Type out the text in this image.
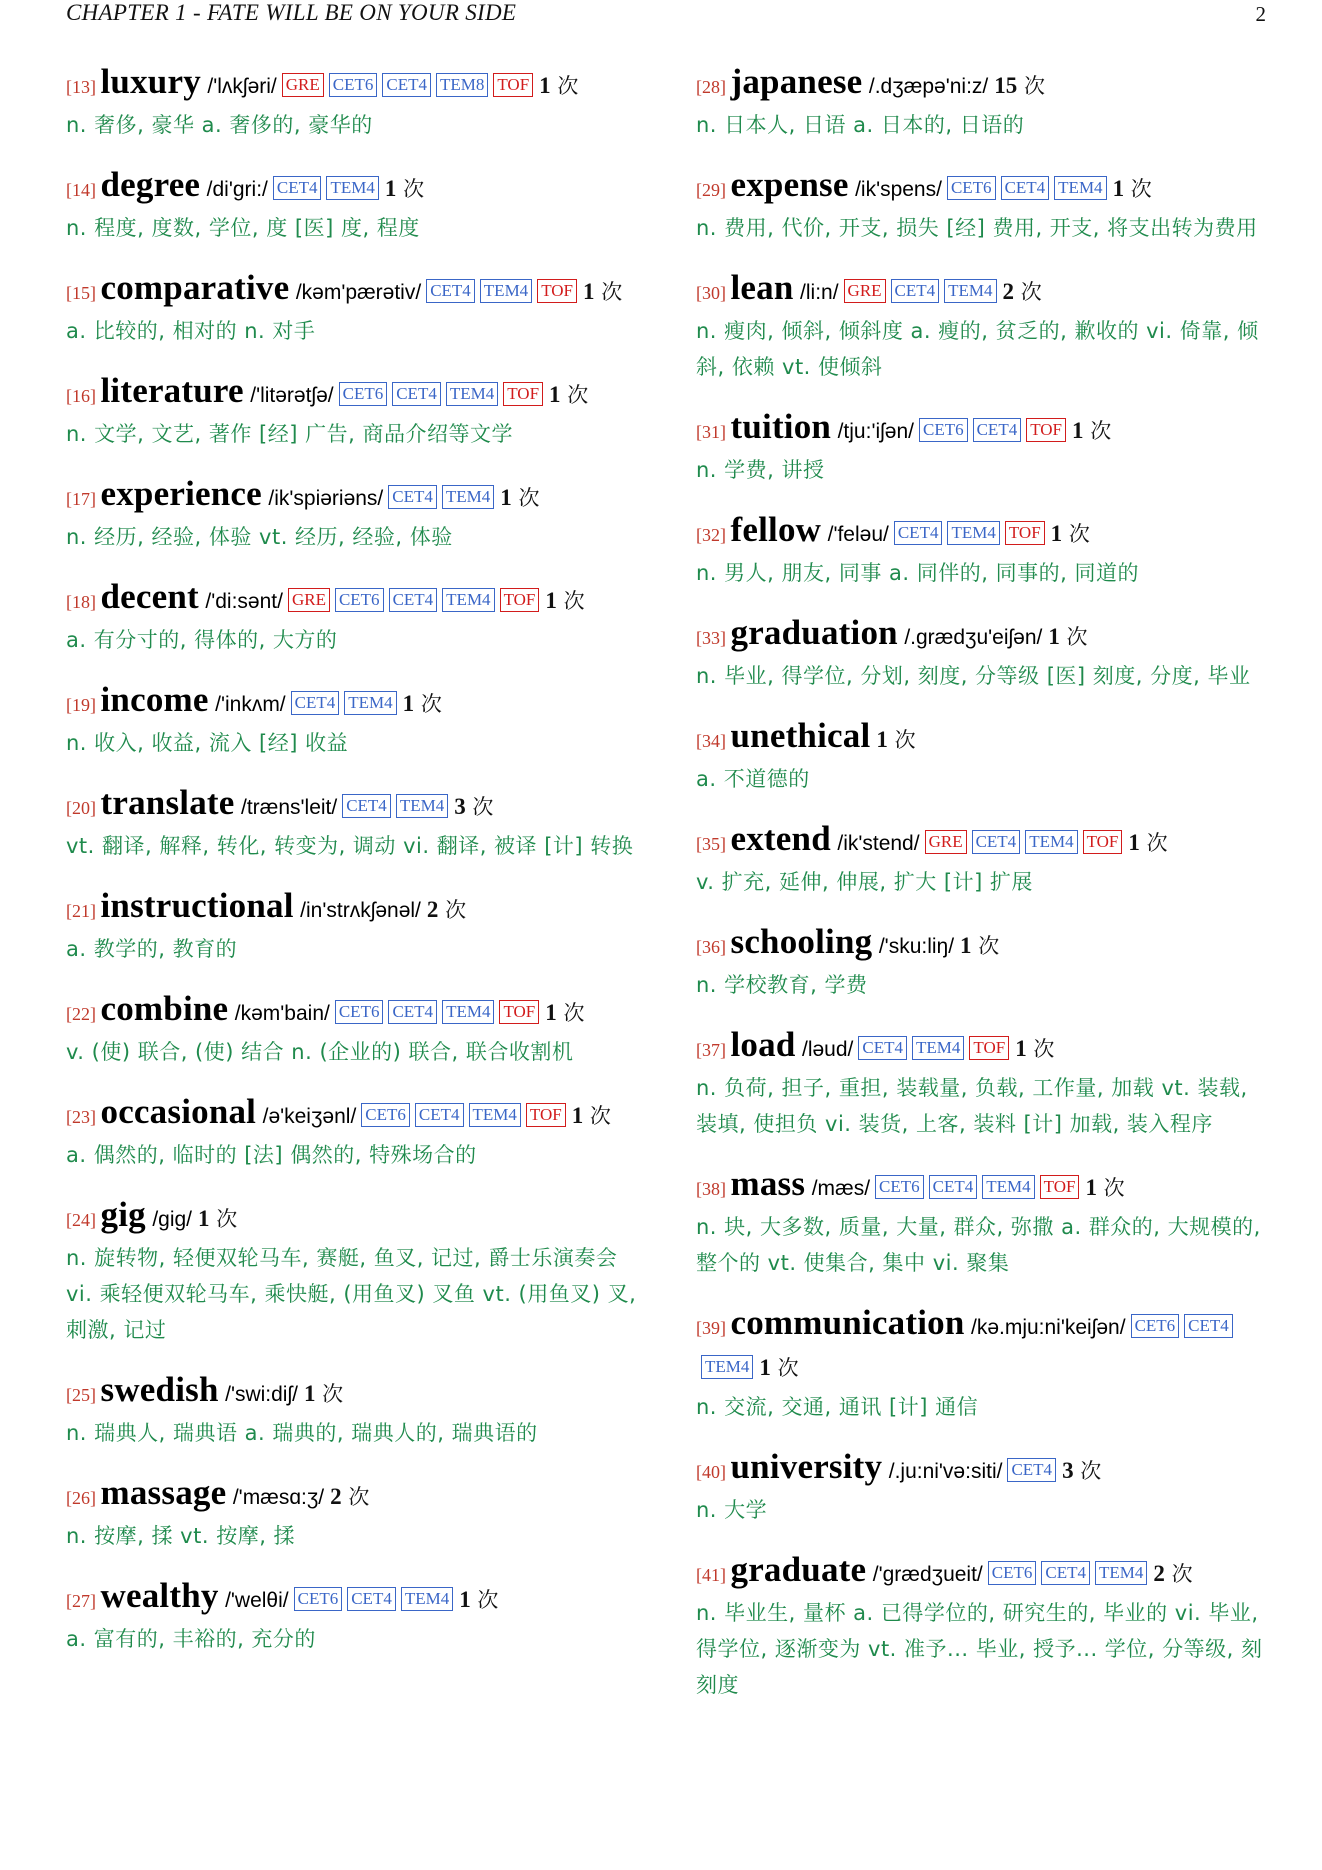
CHAPTER 1 - FATE WILL BE ON YOUR SIDE	2
[13] luxury /'lʌkʃəri/ GRE CET6 CET4 TEM8 TOF 1 次
n. 奢侈, 豪华 a. 奢侈的, 豪华的
[14] degree /di'gri:/ CET4 TEM4 1 次
n. 程度, 度数, 学位, 度 [医] 度, 程度
[15] comparative /kəm'pærətiv/ CET4 TEM4 TOF 1 次
a. 比较的, 相对的 n. 对手
[16] literature /'litərətʃə/ CET6 CET4 TEM4 TOF 1 次
n. 文学, 文艺, 著作 [经] 广告, 商品介绍等文学
[17] experience /ik'spiəriəns/ CET4 TEM4 1 次
n. 经历, 经验, 体验 vt. 经历, 经验, 体验
[18] decent /'di:sənt/ GRE CET6 CET4 TEM4 TOF 1 次
a. 有分寸的, 得体的, 大方的
[19] income /'inkʌm/ CET4 TEM4 1 次
n. 收入, 收益, 流入 [经] 收益
[20] translate /træns'leit/ CET4 TEM4 3 次
vt. 翻译, 解释, 转化, 转变为, 调动 vi. 翻译, 被译 [计] 转换
[21] instructional /in'strʌkʃənəl/ 2 次
a. 教学的, 教育的
[22] combine /kəm'bain/ CET6 CET4 TEM4 TOF 1 次
v. (使) 联合, (使) 结合 n. (企业的) 联合, 联合收割机
[23] occasional /ə'keiʒənl/ CET6 CET4 TEM4 TOF 1 次
a. 偶然的, 临时的 [法] 偶然的, 特殊场合的
[24] gig /gig/ 1 次
n. 旋转物, 轻便双轮马车, 赛艇, 鱼叉, 记过, 爵士乐演奏会 vi. 乘轻便双轮马车, 乘快艇, (用鱼叉) 叉鱼 vt. (用鱼叉) 叉, 刺激, 记过
[25] swedish /'swi:diʃ/ 1 次
n. 瑞典人, 瑞典语 a. 瑞典的, 瑞典人的, 瑞典语的
[26] massage /'mæsɑ:ʒ/ 2 次
n. 按摩, 揉 vt. 按摩, 揉
[27] wealthy /'welθi/ CET6 CET4 TEM4 1 次
a. 富有的, 丰裕的, 充分的
[28] japanese /.dʒæpə'ni:z/ 15 次
n. 日本人, 日语 a. 日本的, 日语的
[29] expense /ik'spens/ CET6 CET4 TEM4 1 次
n. 费用, 代价, 开支, 损失 [经] 费用, 开支, 将支出转为费用
[30] lean /li:n/ GRE CET4 TEM4 2 次
n. 瘦肉, 倾斜, 倾斜度 a. 瘦的, 贫乏的, 歉收的 vi. 倚靠, 倾斜, 依赖 vt. 使倾斜
[31] tuition /tju:'iʃən/ CET6 CET4 TOF 1 次
n. 学费, 讲授
[32] fellow /'feləu/ CET4 TEM4 TOF 1 次
n. 男人, 朋友, 同事 a. 同伴的, 同事的, 同道的
[33] graduation /.grædʒu'eiʃən/ 1 次
n. 毕业, 得学位, 分划, 刻度, 分等级 [医] 刻度, 分度, 毕业
[34] unethical 1 次
a. 不道德的
[35] extend /ik'stend/ GRE CET4 TEM4 TOF 1 次
v. 扩充, 延伸, 伸展, 扩大 [计] 扩展
[36] schooling /'sku:liŋ/ 1 次
n. 学校教育, 学费
[37] load /ləud/ CET4 TEM4 TOF 1 次
n. 负荷, 担子, 重担, 装载量, 负载, 工作量, 加载 vt. 装载, 装填, 使担负 vi. 装货, 上客, 装料 [计] 加载, 装入程序
[38] mass /mæs/ CET6 CET4 TEM4 TOF 1 次
n. 块, 大多数, 质量, 大量, 群众, 弥撒 a. 群众的, 大规模的, 整个的 vt. 使集合, 集中 vi. 聚集
[39] communication /kə.mju:ni'keiʃən/ CET6 CET4TEM4 1 次
n. 交流, 交通, 通讯 [计] 通信
[40] university /.ju:ni'və:siti/ CET4 3 次
n. 大学
[41] graduate /'grædʒueit/ CET6 CET4 TEM4 2 次
n. 毕业生, 量杯 a. 已得学位的, 研究生的, 毕业的 vi. 毕业, 得学位, 逐渐变为 vt. 准予... 毕业, 授予... 学位, 分等级, 刻刻度
